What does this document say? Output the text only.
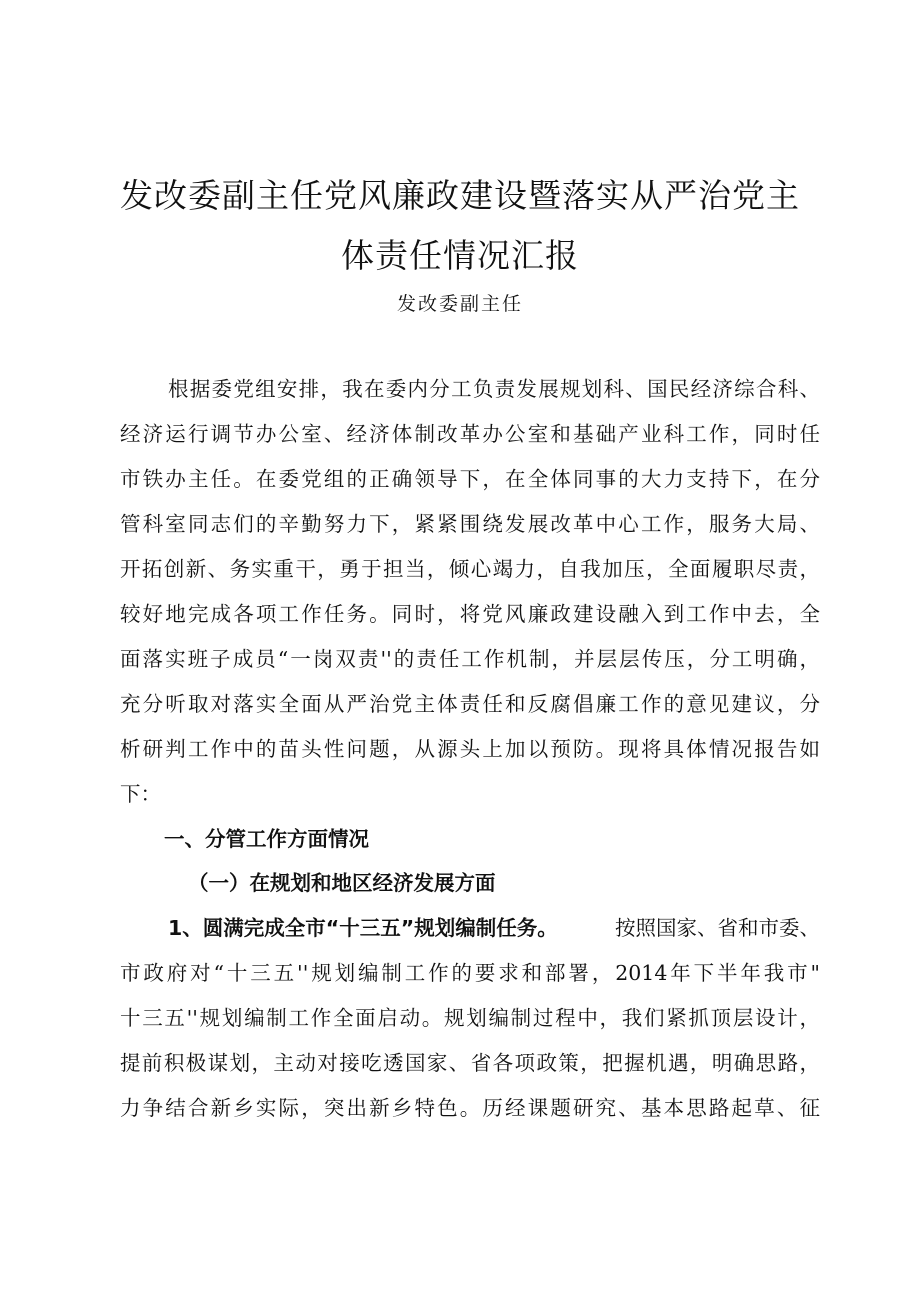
发改委副主任党风廉政建设暨落实从严治党主
体责任情况汇报
发改委副主任
根据委党组安排，我在委内分工负责发展规划科、国民经济综合科、
经济运行调节办公室、经济体制改革办公室和基础产业科工作，同时任
市铁办主任。在委党组的正确领导下，在全体同事的大力支持下，在分
管科室同志们的辛勤努力下，紧紧围绕发展改革中心工作，服务大局、
开拓创新、务实重干，勇于担当，倾心竭力，自我加压，全面履职尽责，
较好地完成各项工作任务。同时，将党风廉政建设融入到工作中去，全
面落实班子成员“一岗双责''的责任工作机制，并层层传压，分工明确，
充分听取对落实全面从严治党主体责任和反腐倡廉工作的意见建议，分
析研判工作中的苗头性问题，从源头上加以预防。现将具体情况报告如
下：
一、分管工作方面情况
（一）在规划和地区经济发展方面
1、圆满完成全市“十三五”规划编制任务。	按照国家、省和市委、
市政府对“十三五''规划编制工作的要求和部署，2014年下半年我市"
十三五''规划编制工作全面启动。规划编制过程中，我们紧抓顶层设计，
提前积极谋划，主动对接吃透国家、省各项政策，把握机遇，明确思路，
力争结合新乡实际，突出新乡特色。历经课题研究、基本思路起草、征
